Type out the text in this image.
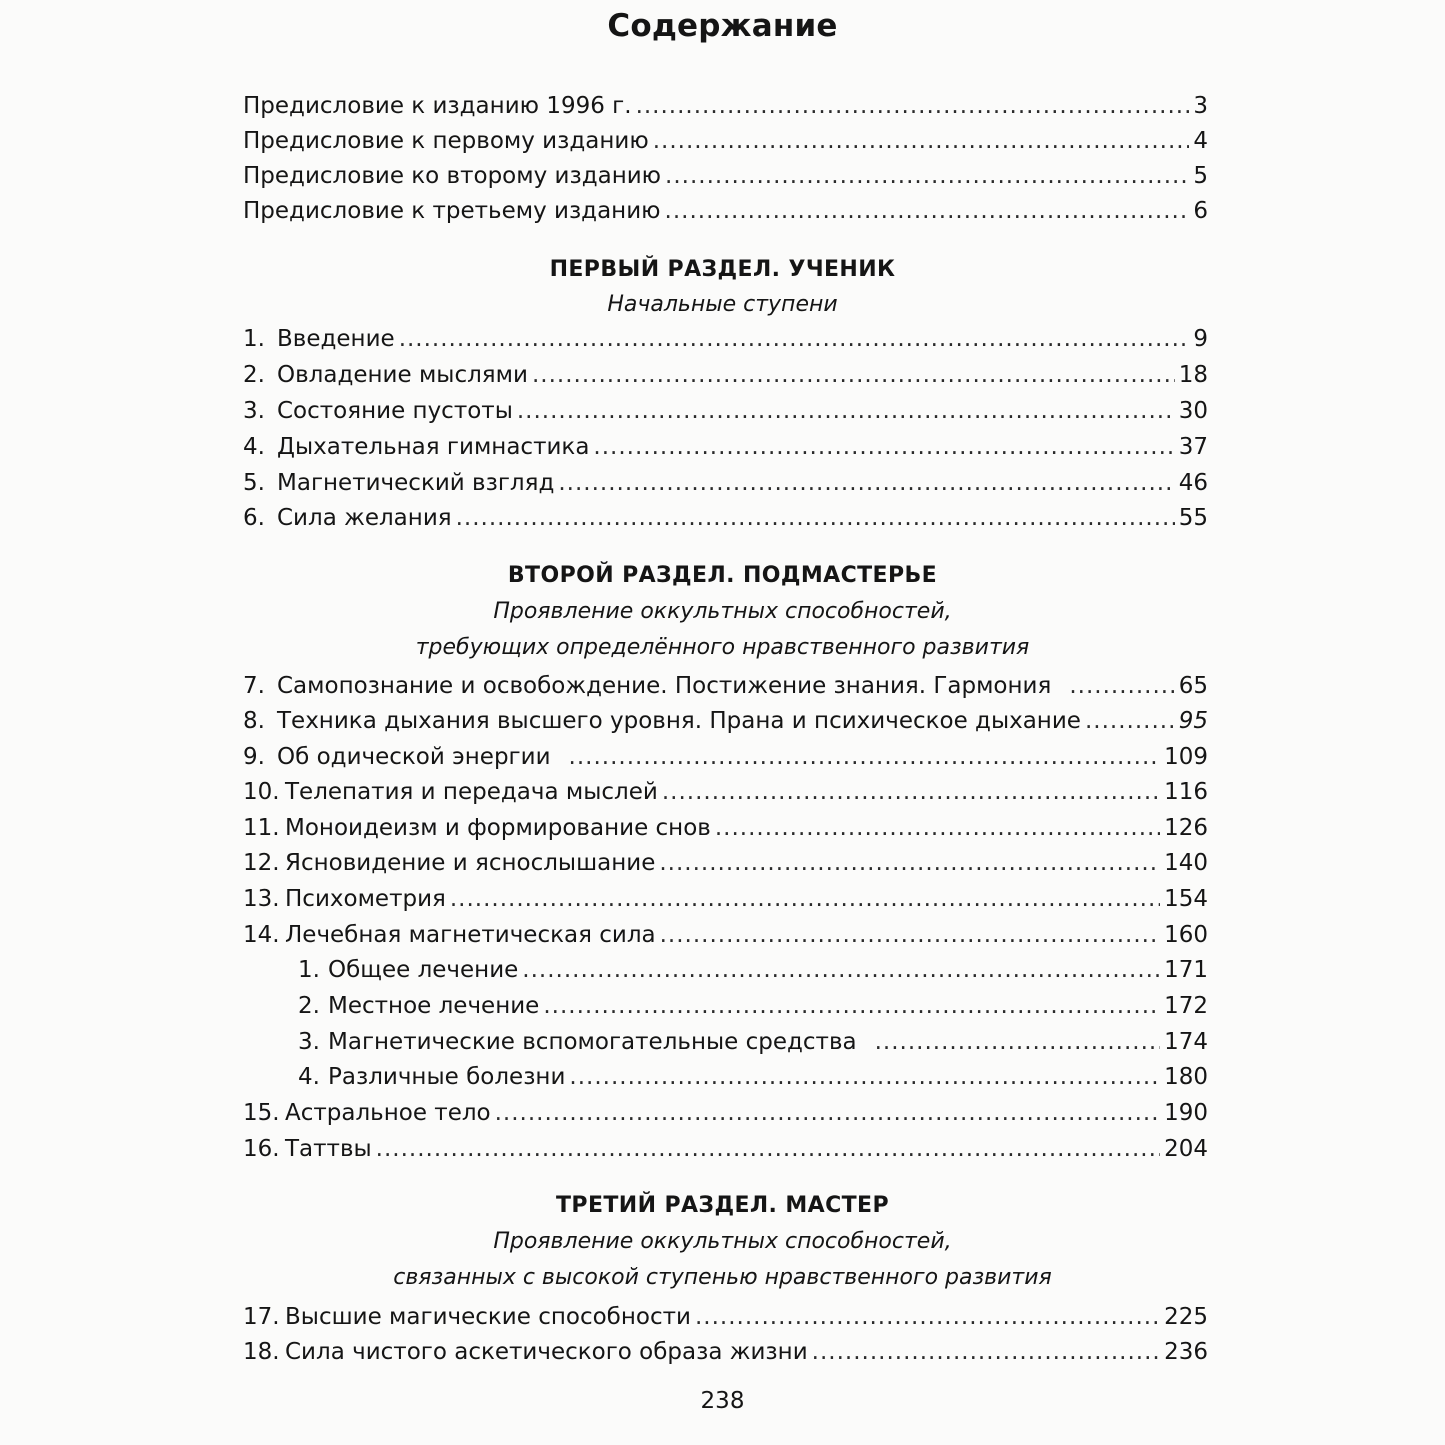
Содержание
Предисловие к изданию 1996 г. .....	3
Предисловие к первому изданию .....	4
Предисловие ко второму изданию .....	5
Предисловие к третьему изданию .....	6
ПЕРВЫЙ РАЗДЕЛ. УЧЕНИК
Начальные ступени
1. Введение .....	9
2. Овладение мыслями .....	18
3. Состояние пустоты .....	30
4. Дыхательная гимнастика .....	37
5. Магнетический взгляд .....	46
6. Сила желания .....	55
ВТОРОЙ РАЗДЕЛ. ПОДМАСТЕРЬЕ
Проявление оккультных способностей,
требующих определённого нравственного развития
7. Самопознание и освобождение. Постижение знания. Гармония .....	65
8. Техника дыхания высшего уровня. Прана и психическое дыхание .....	95
9. Об одической энергии .....	109
10. Телепатия и передача мыслей .....	116
11. Моноидеизм и формирование снов .....	126
12. Ясновидение и яснослышание .....	140
13. Психометрия .....	154
14. Лечебная магнетическая сила .....	160
1. Общее лечение .....	171
2. Местное лечение .....	172
3. Магнетические вспомогательные средства .....	174
4. Различные болезни .....	180
15. Астральное тело .....	190
16. Таттвы .....	204
ТРЕТИЙ РАЗДЕЛ. МАСТЕР
Проявление оккультных способностей,
связанных с высокой ступенью нравственного развития
17. Высшие магические способности .....	225
18. Сила чистого аскетического образа жизни .....	236
238
